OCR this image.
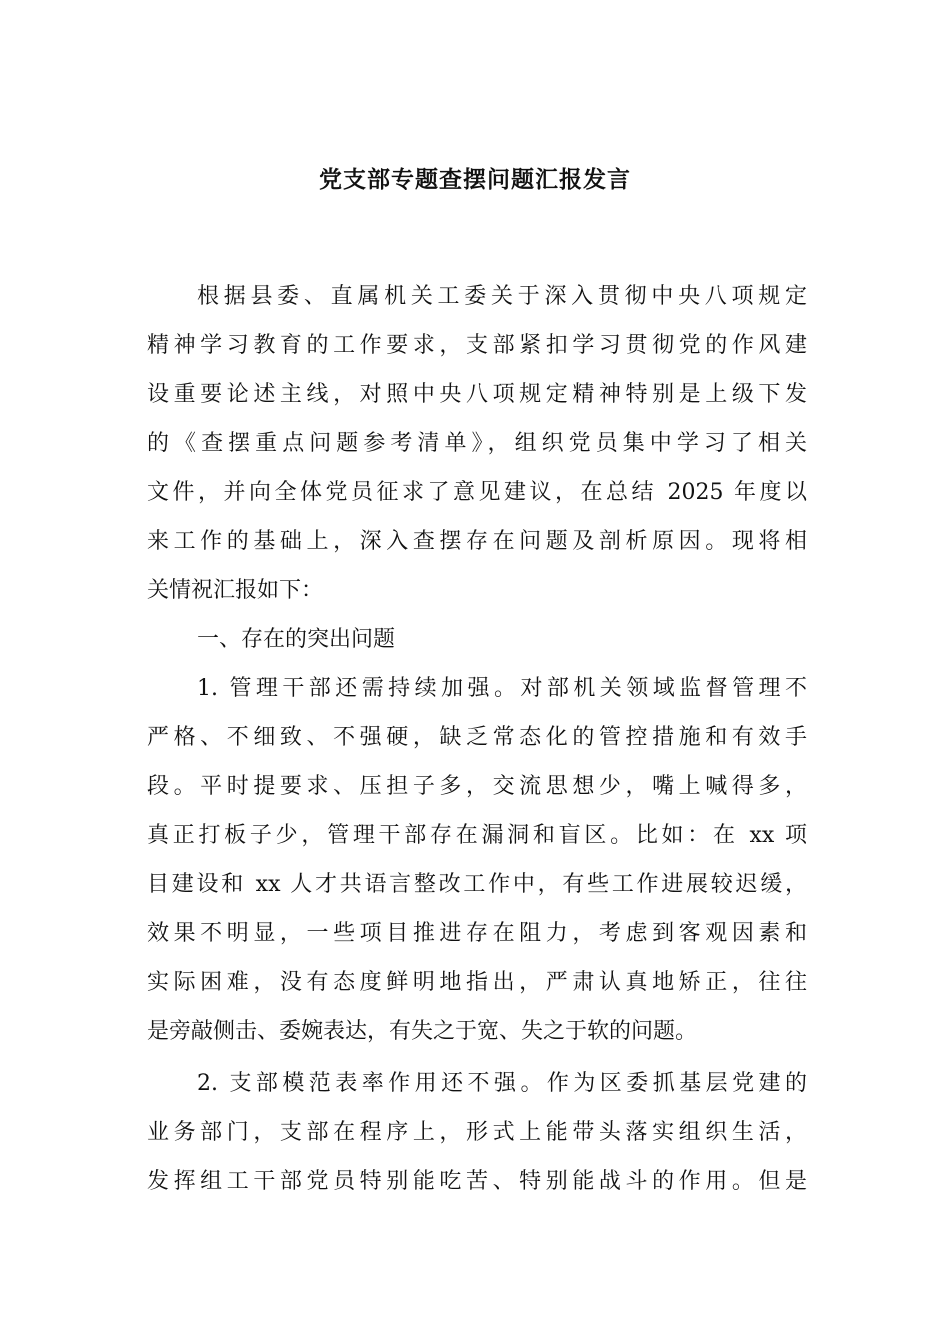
党支部专题查摆问题汇报发言
根据县委、直属机关工委关于深入贯彻中央八项规定
精神学习教育的工作要求，支部紧扣学习贯彻党的作风建
设重要论述主线，对照中央八项规定精神特别是上级下发
的《查摆重点问题参考清单》，组织党员集中学习了相关
文件，并向全体党员征求了意见建议，在总结 2025 年度以
来工作的基础上，深入查摆存在问题及剖析原因。现将相
关情祝汇报如下：
一、存在的突出问题
1. 管理干部还需持续加强。对部机关领域监督管理不
严格、不细致、不强硬，缺乏常态化的管控措施和有效手
段。平时提要求、压担子多，交流思想少，嘴上喊得多，
真正打板子少，管理干部存在漏洞和盲区。比如：在 xx 项
目建设和 xx 人才共语言整改工作中，有些工作进展较迟缓，
效果不明显，一些项目推进存在阻力，考虑到客观因素和
实际困难，没有态度鲜明地指出，严肃认真地矫正，往往
是旁敲侧击、委婉表达，有失之于宽、失之于软的问题。
2. 支部模范表率作用还不强。作为区委抓基层党建的
业务部门，支部在程序上，形式上能带头落实组织生活，
发挥组工干部党员特别能吃苦、特别能战斗的作用。但是
